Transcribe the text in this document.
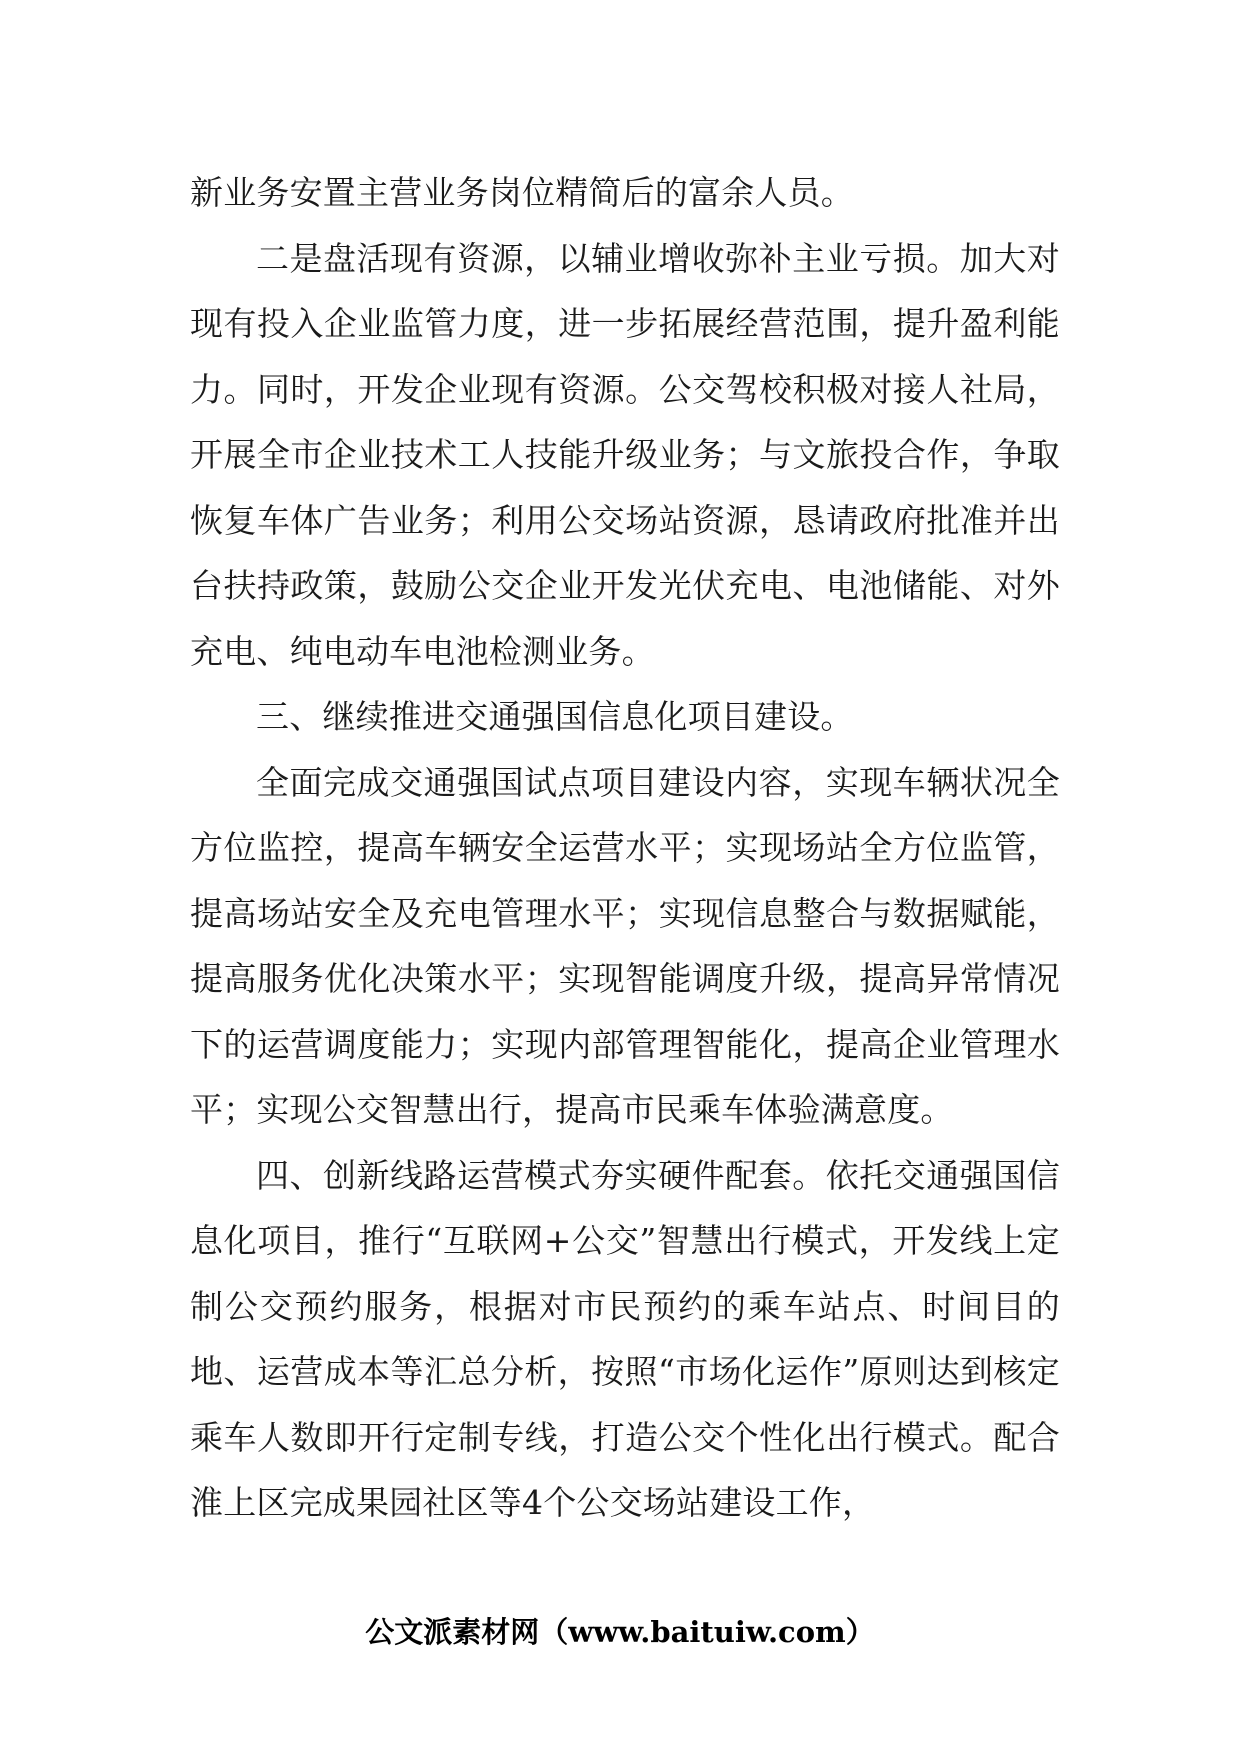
新业务安置主营业务岗位精简后的富余人员。

二是盘活现有资源，以辅业增收弥补主业亏损。加大对现有投入企业监管力度，进一步拓展经营范围，提升盈利能力。同时，开发企业现有资源。公交驾校积极对接人社局，开展全市企业技术工人技能升级业务；与文旅投合作，争取恢复车体广告业务；利用公交场站资源，恳请政府批准并出台扶持政策，鼓励公交企业开发光伏充电、电池储能、对外充电、纯电动车电池检测业务。

三、继续推进交通强国信息化项目建设。

全面完成交通强国试点项目建设内容，实现车辆状况全方位监控，提高车辆安全运营水平；实现场站全方位监管，提高场站安全及充电管理水平；实现信息整合与数据赋能，提高服务优化决策水平；实现智能调度升级，提高异常情况下的运营调度能力；实现内部管理智能化，提高企业管理水平；实现公交智慧出行，提高市民乘车体验满意度。

四、创新线路运营模式夯实硬件配套。依托交通强国信息化项目，推行“互联网+公交”智慧出行模式，开发线上定制公交预约服务，根据对市民预约的乘车站点、时间目的地、运营成本等汇总分析，按照“市场化运作”原则达到核定乘车人数即开行定制专线，打造公交个性化出行模式。配合淮上区完成果园社区等4个公交场站建设工作，

公文派素材网（www.baituiw.com）
